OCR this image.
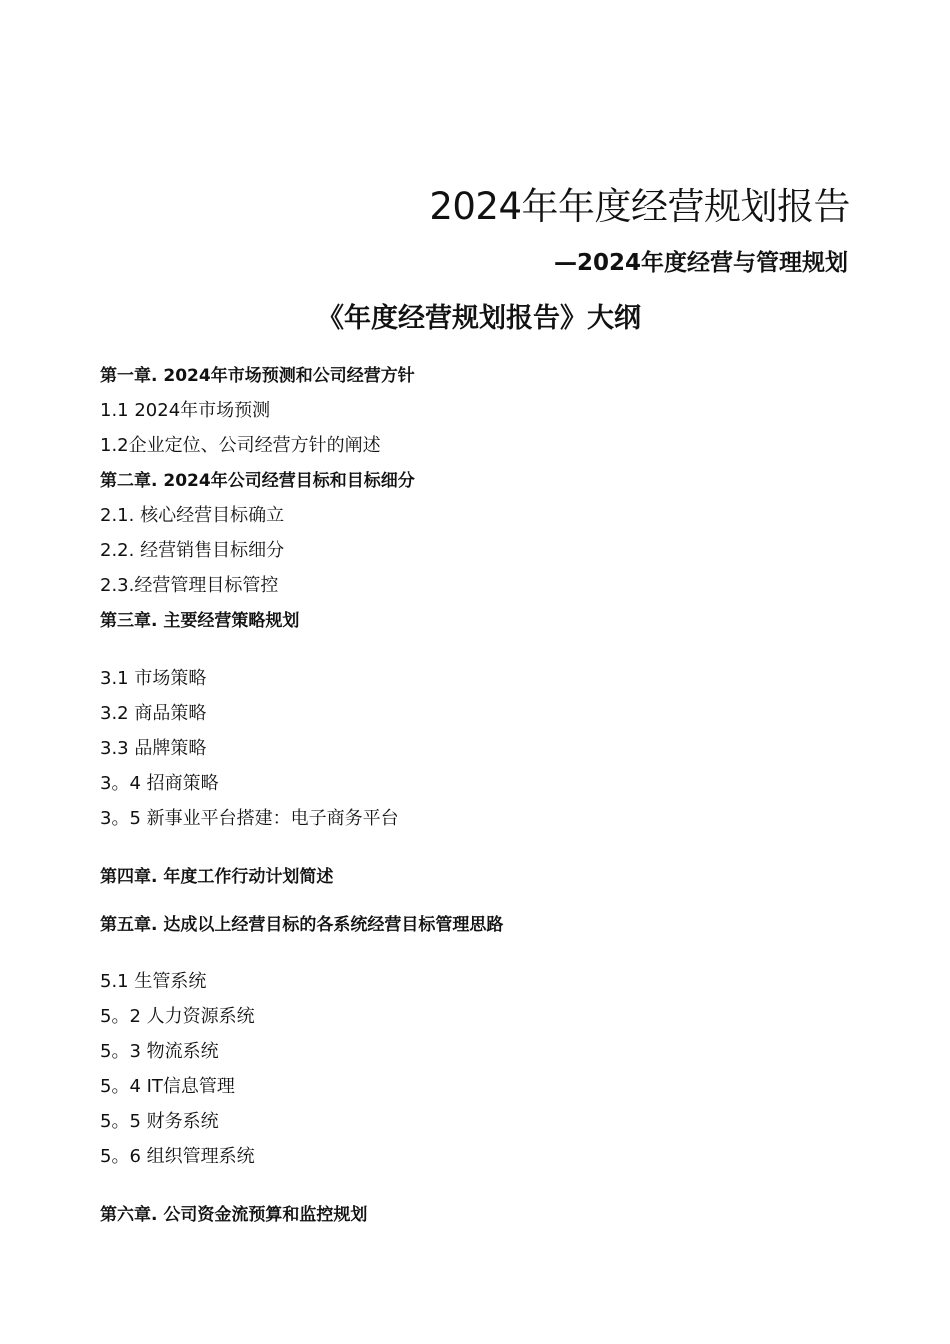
2024年年度经营规划报告
—2024年度经营与管理规划
《年度经营规划报告》大纲
第一章. 2024年市场预测和公司经营方针
1.1 2024年市场预测
1.2企业定位、公司经营方针的阐述
第二章. 2024年公司经营目标和目标细分
2.1. 核心经营目标确立
2.2. 经营销售目标细分
2.3.经营管理目标管控
第三章. 主要经营策略规划
3.1 市场策略
3.2 商品策略
3.3 品牌策略
3。4 招商策略
3。5 新事业平台搭建：电子商务平台
第四章. 年度工作行动计划简述
第五章. 达成以上经营目标的各系统经营目标管理思路
5.1 生管系统
5。2 人力资源系统
5。3 物流系统
5。4 IT信息管理
5。5 财务系统
5。6 组织管理系统
第六章. 公司资金流预算和监控规划
